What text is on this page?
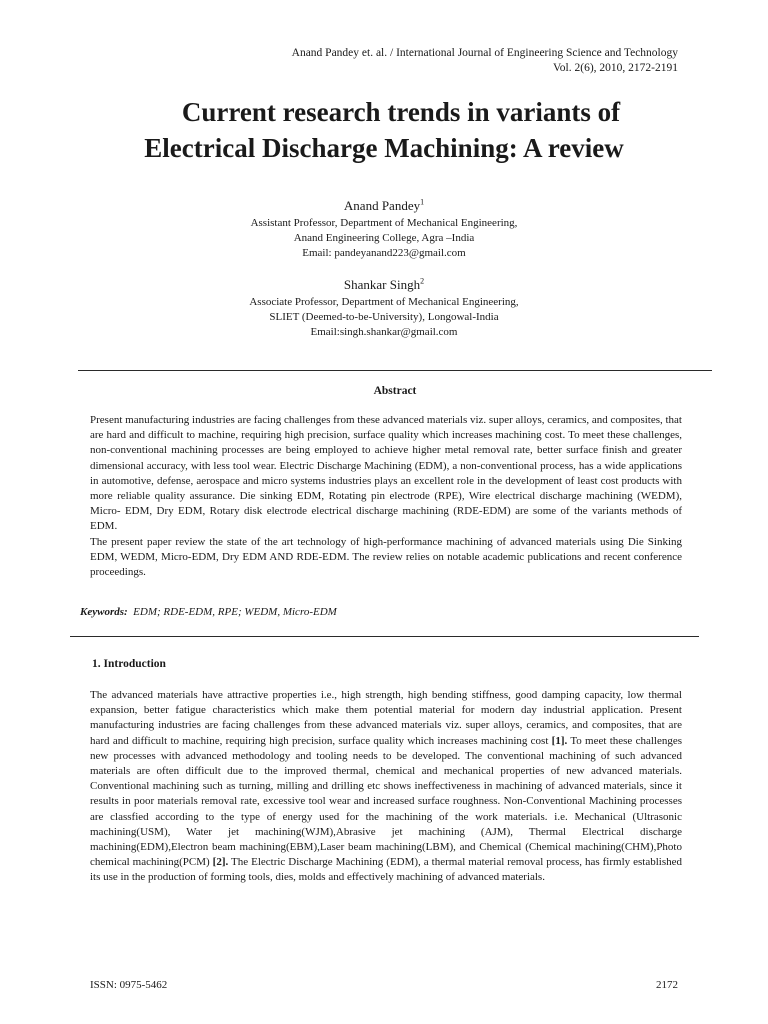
Anand Pandey et. al. / International Journal of Engineering Science and Technology
Vol. 2(6), 2010, 2172-2191
Current research trends in variants of
Electrical Discharge Machining: A review
Anand Pandey$^1$
Assistant Professor, Department of Mechanical Engineering,
Anand Engineering College, Agra –India
Email: pandeyanand223@gmail.com
Shankar Singh$^2$
Associate Professor, Department of Mechanical Engineering,
SLIET (Deemed-to-be-University), Longowal-India
Email:singh.shankar@gmail.com
Abstract

Present manufacturing industries are facing challenges from these advanced materials viz. super alloys, ceramics, and composites, that are hard and difficult to machine, requiring high precision, surface quality which increases machining cost. To meet these challenges, non-conventional machining processes are being employed to achieve higher metal removal rate, better surface finish and greater dimensional accuracy, with less tool wear. Electric Discharge Machining (EDM), a non-conventional process, has a wide applications in automotive, defense, aerospace and micro systems industries plays an excellent role in the development of least cost products with more reliable quality assurance. Die sinking EDM, Rotating pin electrode (RPE), Wire electrical discharge machining (WEDM), Micro- EDM, Dry EDM, Rotary disk electrode electrical discharge machining (RDE-EDM) are some of the variants methods of EDM.

The present paper review the state of the art technology of high-performance machining of advanced materials using Die Sinking EDM, WEDM, Micro-EDM, Dry EDM AND RDE-EDM. The review relies on notable academic publications and recent conference proceedings.

Keywords: EDM; RDE-EDM, RPE; WEDM, Micro-EDM
1. Introduction

The advanced materials have attractive properties i.e., high strength, high bending stiffness, good damping capacity, low thermal expansion, better fatigue characteristics which make them potential material for modern day industrial application. Present manufacturing industries are facing challenges from these advanced materials viz. super alloys, ceramics, and composites, that are hard and difficult to machine, requiring high precision, surface quality which increases machining cost [1]. To meet these challenges new processes with advanced methodology and tooling needs to be developed. The conventional machining of such advanced materials are often difficult due to the improved thermal, chemical and mechanical properties of new advanced materials. Conventional machining such as turning, milling and drilling etc shows ineffectiveness in machining of advanced materials, since it results in poor materials removal rate, excessive tool wear and increased surface roughness. Non-Conventional Machining processes are classfied according to the type of energy used for the machining of the work materials. i.e. Mechanical (Ultrasonic machining(USM), Water jet machining(WJM),Abrasive jet machining (AJM), Thermal Electrical discharge machining(EDM),Electron beam machining(EBM),Laser beam machining(LBM), and Chemical (Chemical machining(CHM),Photo chemical machining(PCM) [2]. The Electric Discharge Machining (EDM), a thermal material removal process, has firmly established its use in the production of forming tools, dies, molds and effectively machining of advanced materials.

ISSN: 0975-5462	2172
